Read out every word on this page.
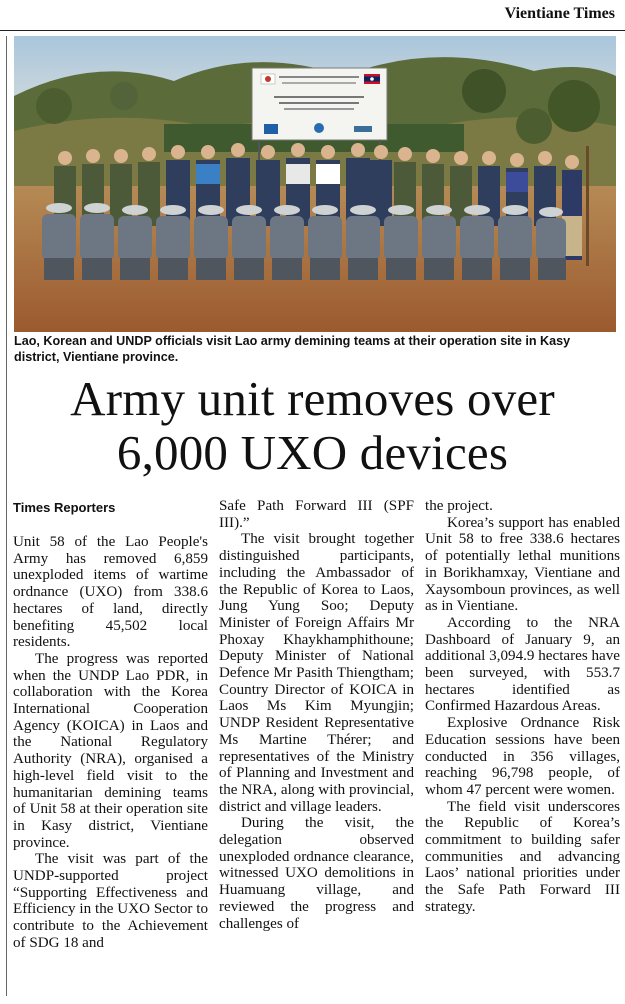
Vientiane Times
Lao, Korean and UNDP officials visit Lao army demining teams at their operation site in Kasy district, Vientiane province.
Army unit removes over
6,000 UXO devices
Times Reporters

Unit 58 of the Lao People's Army has removed 6,859 unexploded items of wartime ordnance (UXO) from 338.6 hectares of land, directly benefiting 45,502 local residents.

The progress was reported when the UNDP Lao PDR, in collaboration with the Korea International Cooperation Agency (KOICA) in Laos and the National Regulatory Authority (NRA), organised a high-level field visit to the humanitarian demining teams of Unit 58 at their operation site in Kasy district, Vientiane province.

The visit was part of the UNDP-supported project “Supporting Effectiveness and Efficiency in the UXO Sector to contribute to the Achievement of SDG 18 and

Safe Path Forward III (SPF III).”

The visit brought together distinguished participants, including the Ambassador of the Republic of Korea to Laos, Jung Yung Soo; Deputy Minister of Foreign Affairs Mr Phoxay Khaykhamphithoune; Deputy Minister of National Defence Mr Pasith Thiengtham; Country Director of KOICA in Laos Ms Kim Myungjin; UNDP Resident Representative Ms Martine Thérer; and representatives of the Ministry of Planning and Investment and the NRA, along with provincial, district and village leaders.

During the visit, the delegation observed unexploded ordnance clearance, witnessed UXO demolitions in Huamuang village, and reviewed the progress and challenges of

the project.

Korea’s support has enabled Unit 58 to free 338.6 hectares of potentially lethal munitions in Borikhamxay, Vientiane and Xaysomboun provinces, as well as in Vientiane.

According to the NRA Dashboard of January 9, an additional 3,094.9 hectares have been surveyed, with 553.7 hectares identified as Confirmed Hazardous Areas.

Explosive Ordnance Risk Education sessions have been conducted in 356 villages, reaching 96,798 people, of whom 47 percent were women.

The field visit underscores the Republic of Korea’s commitment to building safer communities and advancing Laos’ national priorities under the Safe Path Forward III strategy.
